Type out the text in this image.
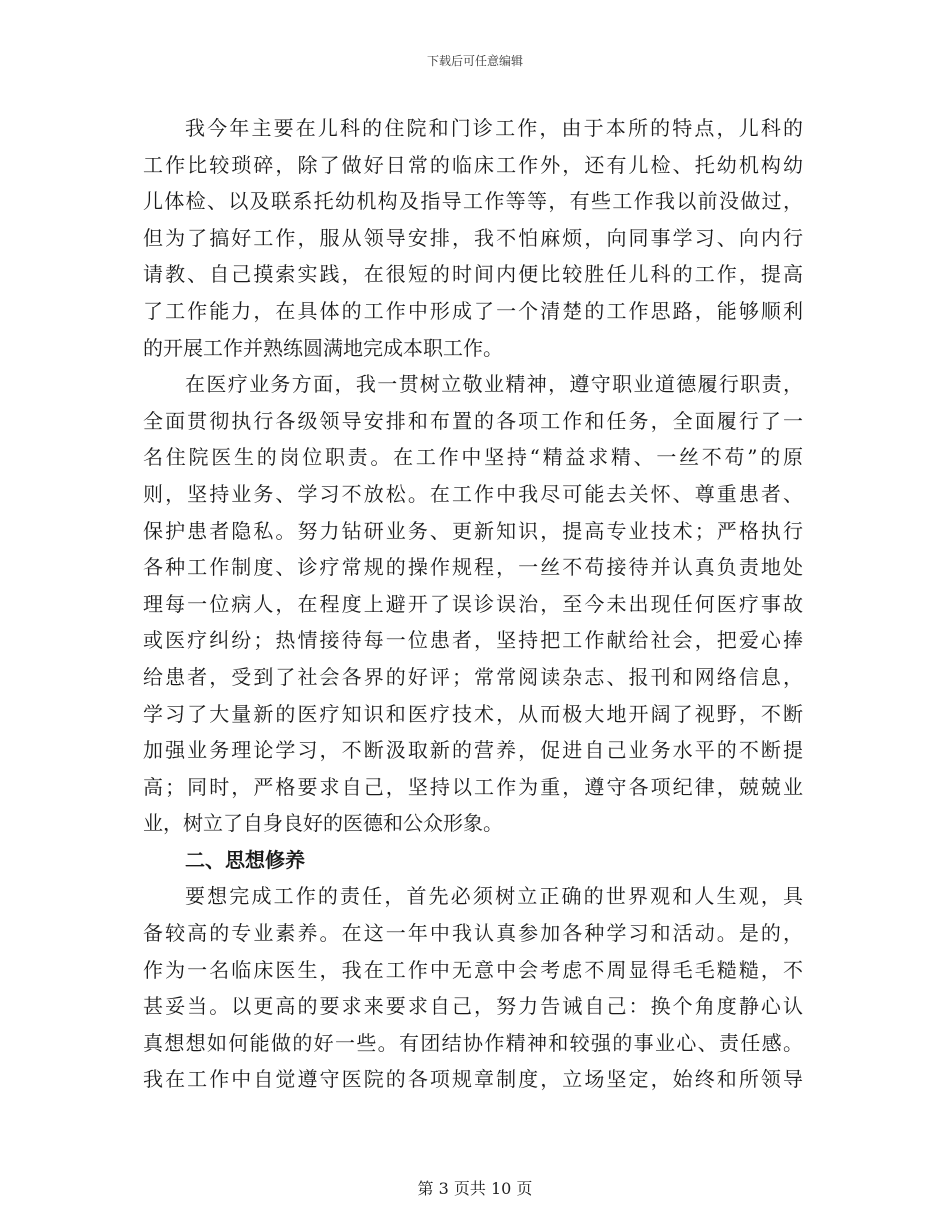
下载后可任意编辑
我今年主要在儿科的住院和门诊工作，由于本所的特点，儿科的
工作比较琐碎，除了做好日常的临床工作外，还有儿检、托幼机构幼
儿体检、以及联系托幼机构及指导工作等等，有些工作我以前没做过，
但为了搞好工作，服从领导安排，我不怕麻烦，向同事学习、向内行
请教、自己摸索实践，在很短的时间内便比较胜任儿科的工作，提高
了工作能力，在具体的工作中形成了一个清楚的工作思路，能够顺利
的开展工作并熟练圆满地完成本职工作。
在医疗业务方面，我一贯树立敬业精神，遵守职业道德履行职责，
全面贯彻执行各级领导安排和布置的各项工作和任务，全面履行了一
名住院医生的岗位职责。在工作中坚持“精益求精、一丝不苟”的原
则，坚持业务、学习不放松。在工作中我尽可能去关怀、尊重患者、
保护患者隐私。努力钻研业务、更新知识，提高专业技术；严格执行
各种工作制度、诊疗常规的操作规程，一丝不苟接待并认真负责地处
理每一位病人，在程度上避开了误诊误治，至今未出现任何医疗事故
或医疗纠纷；热情接待每一位患者，坚持把工作献给社会，把爱心捧
给患者，受到了社会各界的好评；常常阅读杂志、报刊和网络信息，
学习了大量新的医疗知识和医疗技术，从而极大地开阔了视野，不断
加强业务理论学习，不断汲取新的营养，促进自己业务水平的不断提
高；同时，严格要求自己，坚持以工作为重，遵守各项纪律，兢兢业
业，树立了自身良好的医德和公众形象。
二、思想修养
要想完成工作的责任，首先必须树立正确的世界观和人生观，具
备较高的专业素养。在这一年中我认真参加各种学习和活动。是的，
作为一名临床医生，我在工作中无意中会考虑不周显得毛毛糙糙，不
甚妥当。以更高的要求来要求自己，努力告诫自己：换个角度静心认
真想想如何能做的好一些。有团结协作精神和较强的事业心、责任感。
我在工作中自觉遵守医院的各项规章制度，立场坚定，始终和所领导
第 3 页共 10 页
